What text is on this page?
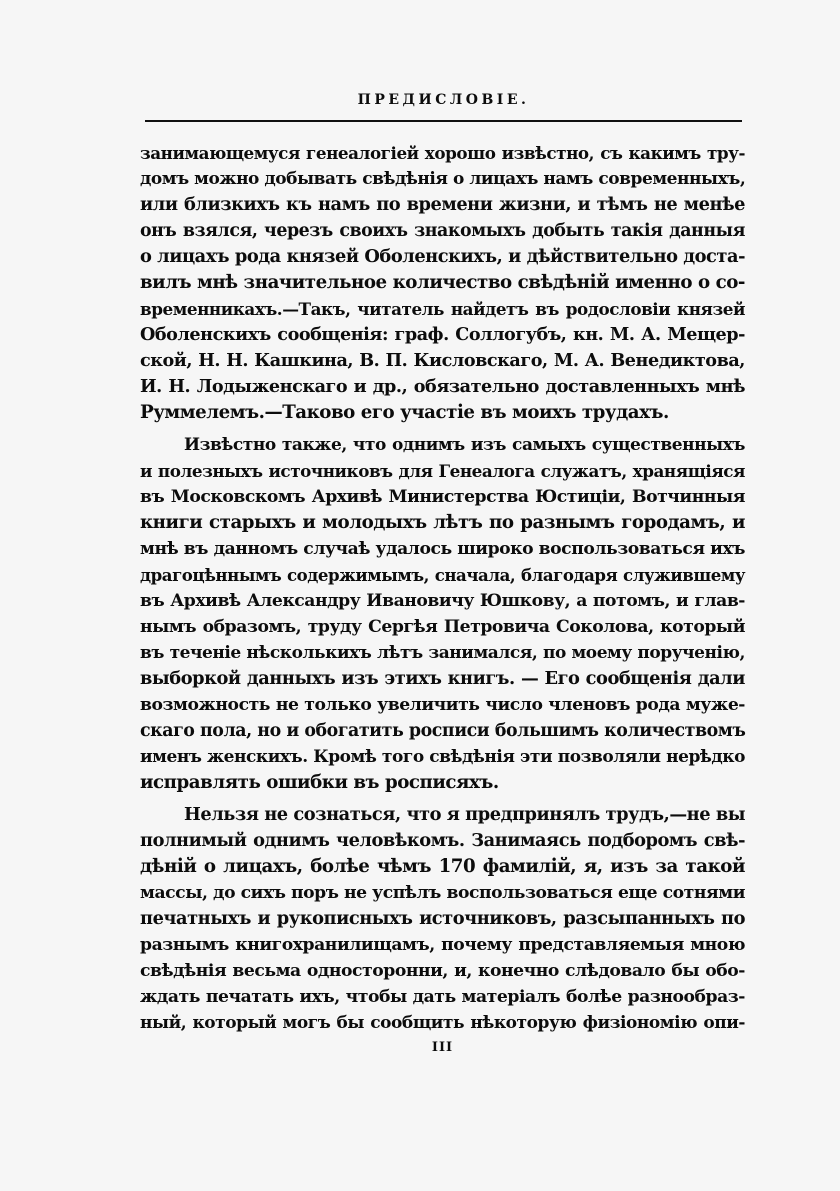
ПРЕДИСЛОВІЕ.
занимающемуся генеалогіей хорошо извѣстно, съ какимъ тру-
домъ можно добывать свѣдѣнія о лицахъ намъ современныхъ,
или близкихъ къ намъ по времени жизни, и тѣмъ не менѣе
онъ взялся, черезъ своихъ знакомыхъ добыть такія данныя
о лицахъ рода князей Оболенскихъ, и дѣйствительно доста-
вилъ мнѣ значительное количество свѣдѣній именно о со-
временникахъ.—Такъ, читатель найдетъ въ родословіи князей
Оболенскихъ сообщенія: граф. Соллогубъ, кн. М. А. Мещер-
ской, Н. Н. Кашкина, В. П. Кисловскаго, М. А. Венедиктова,
И. Н. Лодыженскаго и др., обязательно доставленныхъ мнѣ
Руммелемъ.—Таково его участіе въ моихъ трудахъ.
Извѣстно также, что однимъ изъ самыхъ существенныхъ
и полезныхъ источниковъ для Генеалога служатъ, хранящіяся
въ Московскомъ Архивѣ Министерства Юстиціи, Вотчинныя
книги старыхъ и молодыхъ лѣтъ по разнымъ городамъ, и
мнѣ въ данномъ случаѣ удалось широко воспользоваться ихъ
драгоцѣннымъ содержимымъ, сначала, благодаря служившему
въ Архивѣ Александру Ивановичу Юшкову, а потомъ, и глав-
нымъ образомъ, труду Сергѣя Петровича Соколова, который
въ теченіе нѣсколькихъ лѣтъ занимался, по моему порученію,
выборкой данныхъ изъ этихъ книгъ. — Его сообщенія дали
возможность не только увеличить число членовъ рода муже-
скаго пола, но и обогатить росписи большимъ количествомъ
именъ женскихъ. Кромѣ того свѣдѣнія эти позволяли нерѣдко
исправлять ошибки въ росписяхъ.
Нельзя не сознаться, что я предпринялъ трудъ,—не вы
полнимый однимъ человѣкомъ. Занимаясь подборомъ свѣ-
дѣній о лицахъ, болѣе чѣмъ 170 фамилій, я, изъ за такой
массы, до сихъ поръ не успѣлъ воспользоваться еще сотнями
печатныхъ и рукописныхъ источниковъ, разсыпанныхъ по
разнымъ книгохранилищамъ, почему представляемыя мною
свѣдѣнія весьма односторонни, и, конечно слѣдовало бы обо-
ждать печатать ихъ, чтобы дать матеріалъ болѣе разнообраз-
ный, который могъ бы сообщить нѣкоторую физіономію опи-
III
